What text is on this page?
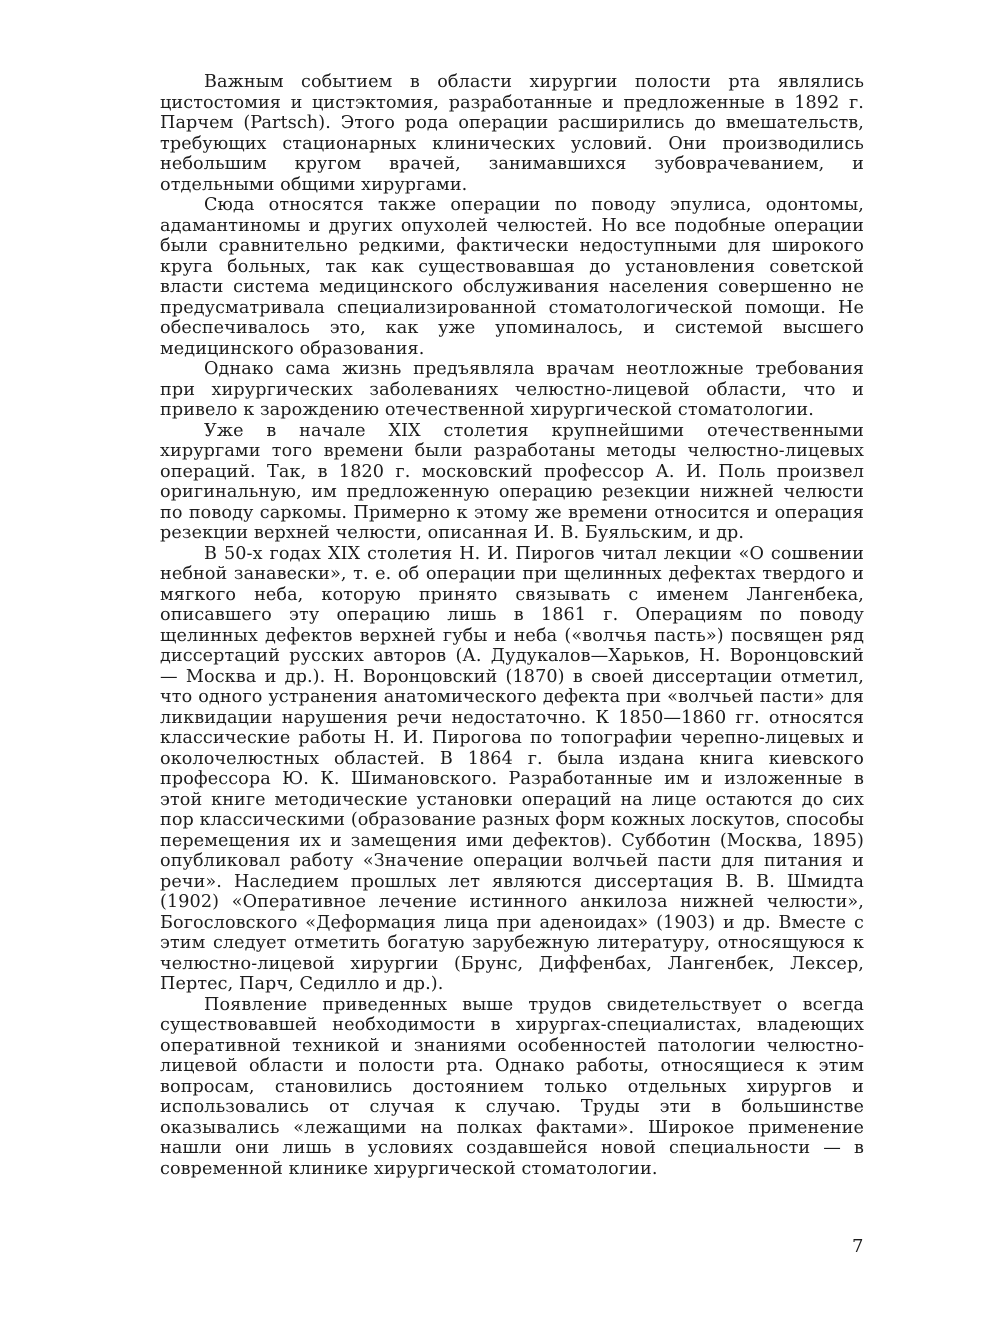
Важным событием в области хирургии полости рта являлись цистостомия и цистэктомия, разработанные и предложенные в 1892 г. Парчем (Partsch). Этого рода операции расширились до вмешательств, требующих стационарных клинических условий. Они производились небольшим кругом врачей, занимавшихся зубоврачеванием, и отдельными общими хирургами.

Сюда относятся также операции по поводу эпулиса, одонтомы, адамантиномы и других опухолей челюстей. Но все подобные операции были сравнительно редкими, фактически недоступными для широкого круга больных, так как существовавшая до установления советской власти система медицинского обслуживания населения совершенно не предусматривала специализированной стоматологической помощи. Не обеспечивалось это, как уже упоминалось, и системой высшего медицинского образования.

Однако сама жизнь предъявляла врачам неотложные требования при хирургических заболеваниях челюстно-лицевой области, что и привело к зарождению отечественной хирургической стоматологии.

Уже в начале XIX столетия крупнейшими отечественными хирургами того времени были разработаны методы челюстно-лицевых операций. Так, в 1820 г. московский профессор А. И. Поль произвел оригинальную, им предложенную операцию резекции нижней челюсти по поводу саркомы. Примерно к этому же времени относится и операция резекции верхней челюсти, описанная И. В. Буяльским, и др.

В 50-х годах XIX столетия Н. И. Пирогов читал лекции «О сошвении небной занавески», т. е. об операции при щелинных дефектах твердого и мягкого неба, которую принято связывать с именем Лангенбека, описавшего эту операцию лишь в 1861 г. Операциям по поводу щелинных дефектов верхней губы и неба («волчья пасть») посвящен ряд диссертаций русских авторов (А. Дудукалов—Харьков, Н. Воронцовский — Москва и др.). Н. Воронцовский (1870) в своей диссертации отметил, что одного устранения анатомического дефекта при «волчьей пасти» для ликвидации нарушения речи недостаточно. К 1850—1860 гг. относятся классические работы Н. И. Пирогова по топографии черепно-лицевых и околочелюстных областей. В 1864 г. была издана книга киевского профессора Ю. К. Шимановского. Разработанные им и изложенные в этой книге методические установки операций на лице остаются до сих пор классическими (образование разных форм кожных лоскутов, способы перемещения их и замещения ими дефектов). Субботин (Москва, 1895) опубликовал работу «Значение операции волчьей пасти для питания и речи». Наследием прошлых лет являются диссертация В. В. Шмидта (1902) «Оперативное лечение истинного анкилоза нижней челюсти», Богословского «Деформация лица при аденоидах» (1903) и др. Вместе с этим следует отметить богатую зарубежную литературу, относящуюся к челюстно-лицевой хирургии (Брунс, Диффенбах, Лангенбек, Лексер, Пертес, Парч, Седилло и др.).

Появление приведенных выше трудов свидетельствует о всегда существовавшей необходимости в хирургах-специалистах, владеющих оперативной техникой и знаниями особенностей патологии челюстно-лицевой области и полости рта. Однако работы, относящиеся к этим вопросам, становились достоянием только отдельных хирургов и использовались от случая к случаю. Труды эти в большинстве оказывались «лежащими на полках фактами». Широкое применение нашли они лишь в условиях создавшейся новой специальности — в современной клинике хирургической стоматологии.

7
